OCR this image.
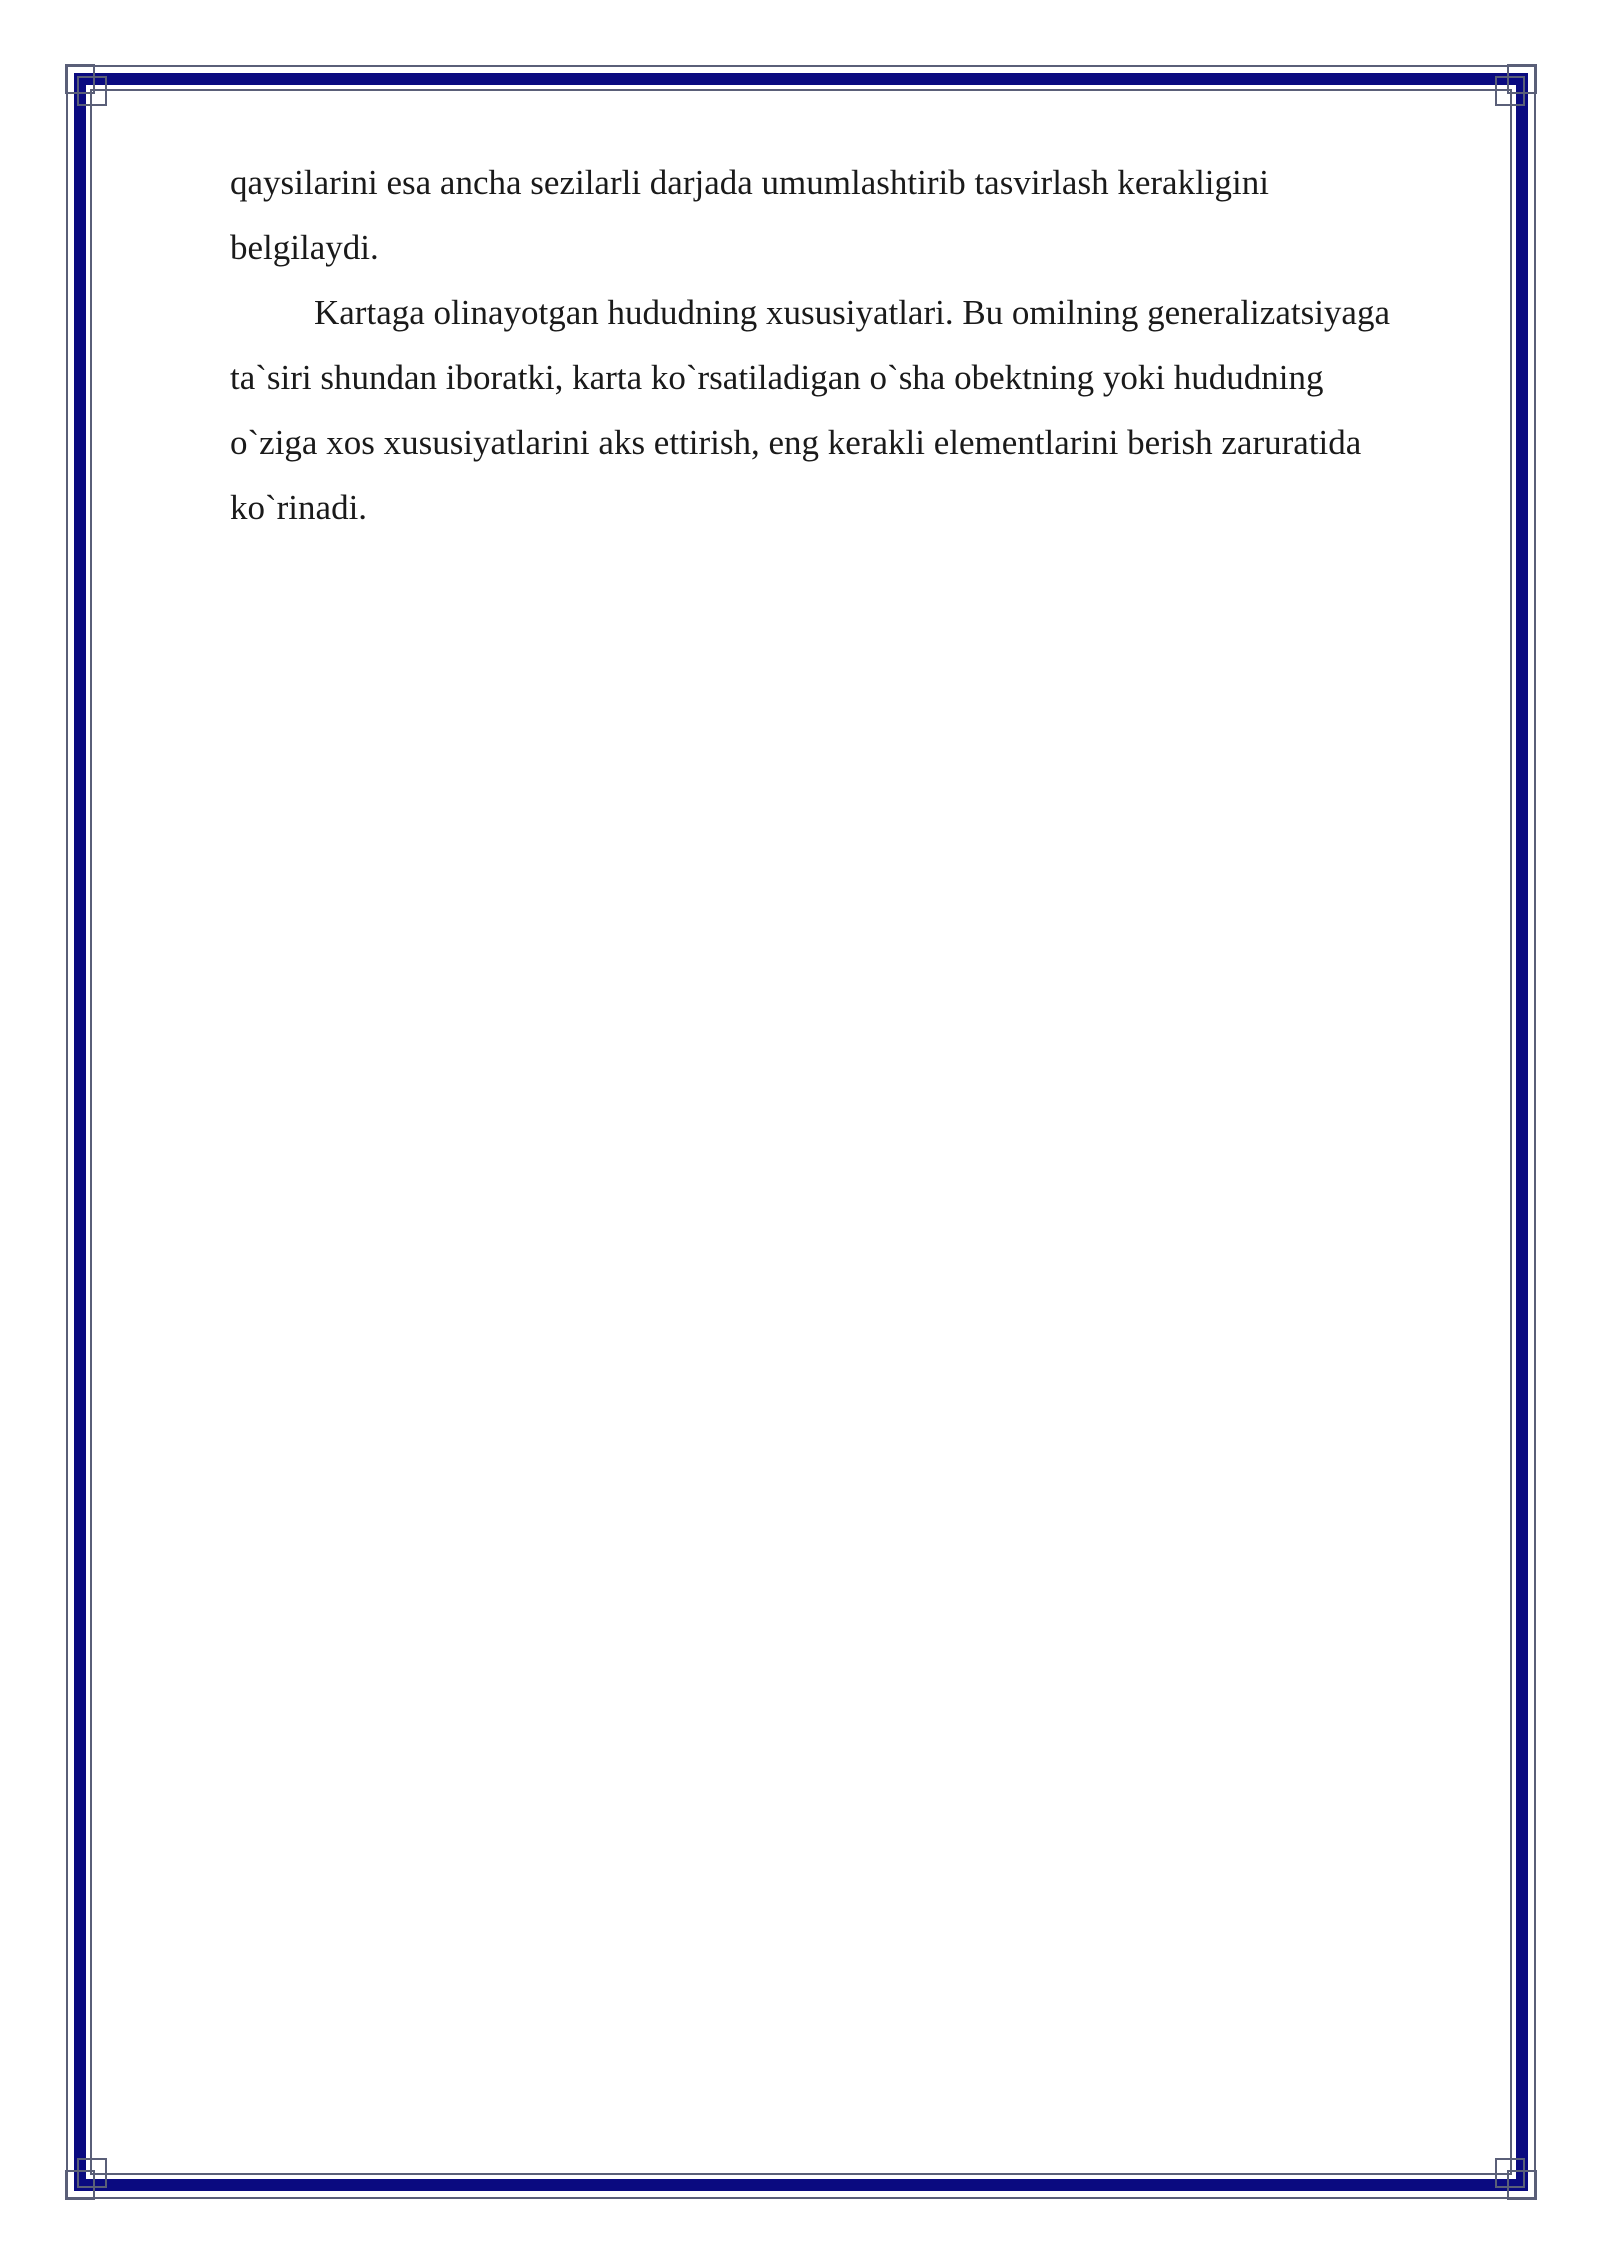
qaysilarini esa ancha sezilarli darjada umumlashtirib tasvirlash kerakligini

belgilaydi.

Kartaga olinayotgan hududning xususiyatlari. Bu omilning generalizatsiyaga

ta`siri shundan iboratki, karta ko`rsatiladigan o`sha obektning yoki hududning

o`ziga xos xususiyatlarini aks ettirish, eng kerakli elementlarini berish zaruratida

ko`rinadi.
